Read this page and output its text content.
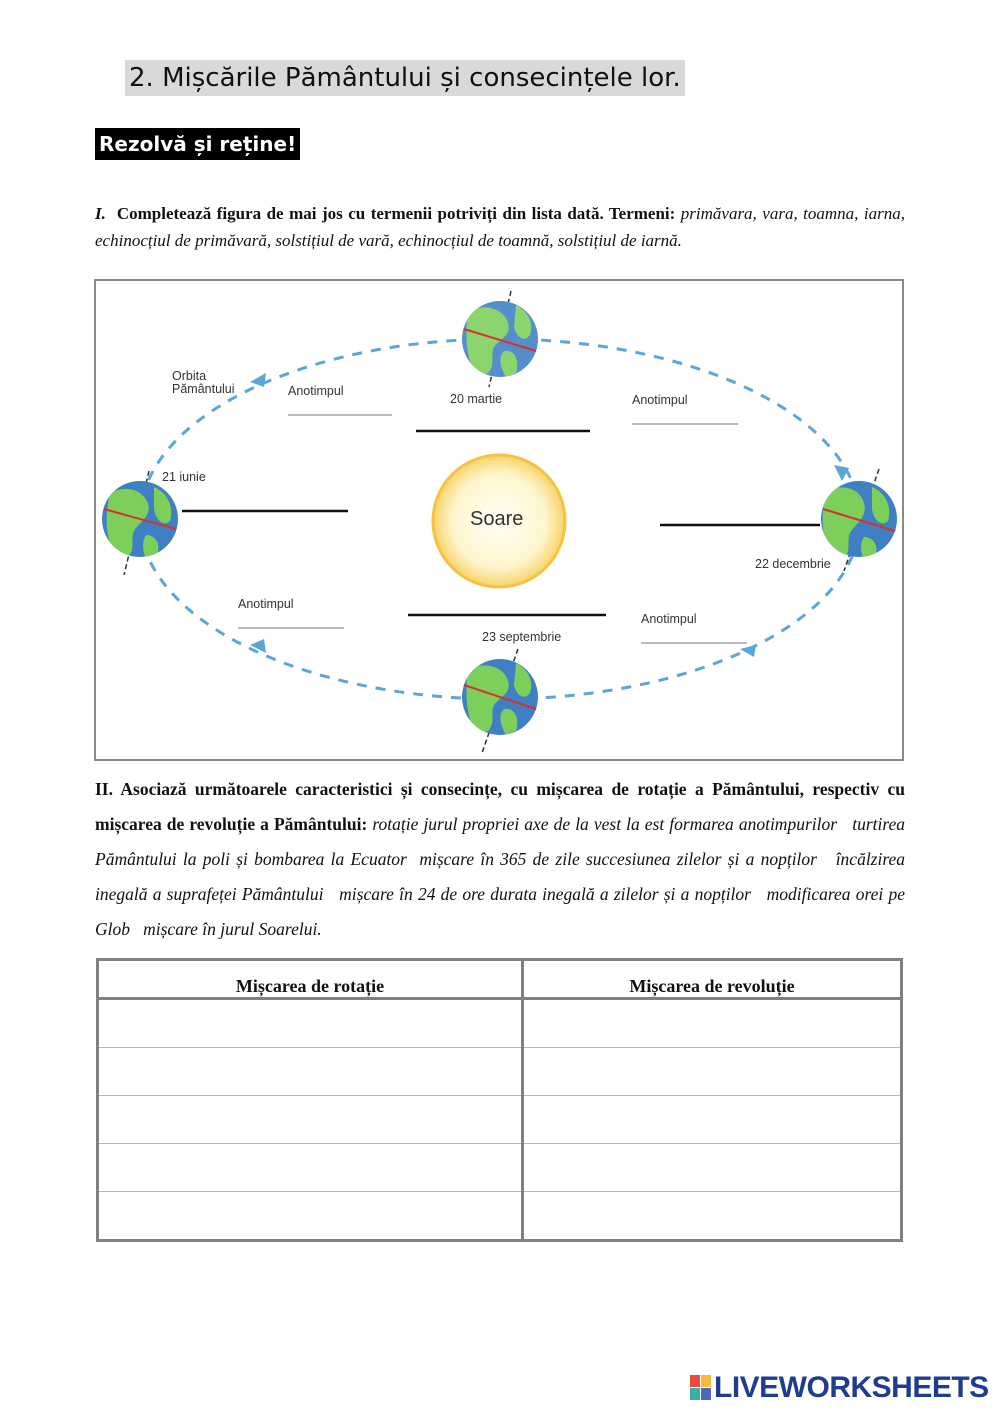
2. Mișcările Pământului și consecințele lor.
Rezolvă și reține!
I. Completează figura de mai jos cu termenii potriviți din lista dată. Termeni: primăvara, vara, toamna, iarna, echinocțiul de primăvară, solstițiul de vară, echinocțiul de toamnă, solstițiul de iarnă.
Soare
Orbita
Pământului	Anotimpul
Anotimpul
Anotimpul
Anotimpul
20 martie
21 iunie
22 decembrie
23 septembrie
II. Asociază următoarele caracteristici și consecințe, cu mișcarea de rotație a Pământului, respectiv cu mișcarea de revoluție a Pământului: rotație jurul propriei axe de la vest la est formarea anotimpurilor turtirea Pământului la poli și bombarea la Ecuator mișcare în 365 de zile succesiunea zilelor și a nopților încălzirea inegală a suprafeței Pământului mișcare în 24 de ore durata inegală a zilelor și a nopților modificarea orei pe Glob mișcare în jurul Soarelui.
Mișcarea de rotație	Mișcarea de revoluție

LIVEWORKSHEETS
